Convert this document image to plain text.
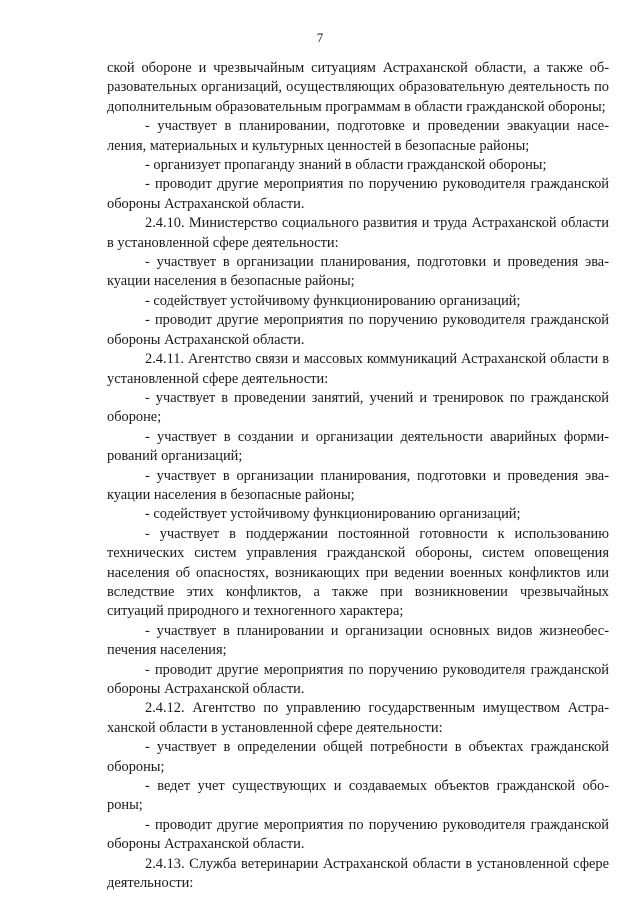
7

ской обороне и чрезвычайным ситуациям Астраханской области, а также образовательных организаций, осуществляющих образовательную деятельность по дополнительным образовательным программам в области гражданской обороны;

- участвует в планировании, подготовке и проведении эвакуации населения, материальных и культурных ценностей в безопасные районы;

- организует пропаганду знаний в области гражданской обороны;

- проводит другие мероприятия по поручению руководителя гражданской обороны Астраханской области.

2.4.10. Министерство социального развития и труда Астраханской области в установленной сфере деятельности:

- участвует в организации планирования, подготовки и проведения эвакуации населения в безопасные районы;

- содействует устойчивому функционированию организаций;

- проводит другие мероприятия по поручению руководителя гражданской обороны Астраханской области.

2.4.11. Агентство связи и массовых коммуникаций Астраханской области в установленной сфере деятельности:

- участвует в проведении занятий, учений и тренировок по гражданской обороне;

- участвует в создании и организации деятельности аварийных формирований организаций;

- участвует в организации планирования, подготовки и проведения эвакуации населения в безопасные районы;

- содействует устойчивому функционированию организаций;

- участвует в поддержании постоянной готовности к использованию технических систем управления гражданской обороны, систем оповещения населения об опасностях, возникающих при ведении военных конфликтов или вследствие этих конфликтов, а также при возникновении чрезвычайных ситуаций природного и техногенного характера;

- участвует в планировании и организации основных видов жизнеобеспечения населения;

- проводит другие мероприятия по поручению руководителя гражданской обороны Астраханской области.

2.4.12. Агентство по управлению государственным имуществом Астраханской области в установленной сфере деятельности:

- участвует в определении общей потребности в объектах гражданской обороны;

- ведет учет существующих и создаваемых объектов гражданской обороны;

- проводит другие мероприятия по поручению руководителя гражданской обороны Астраханской области.

2.4.13. Служба ветеринарии Астраханской области в установленной сфере деятельности:
